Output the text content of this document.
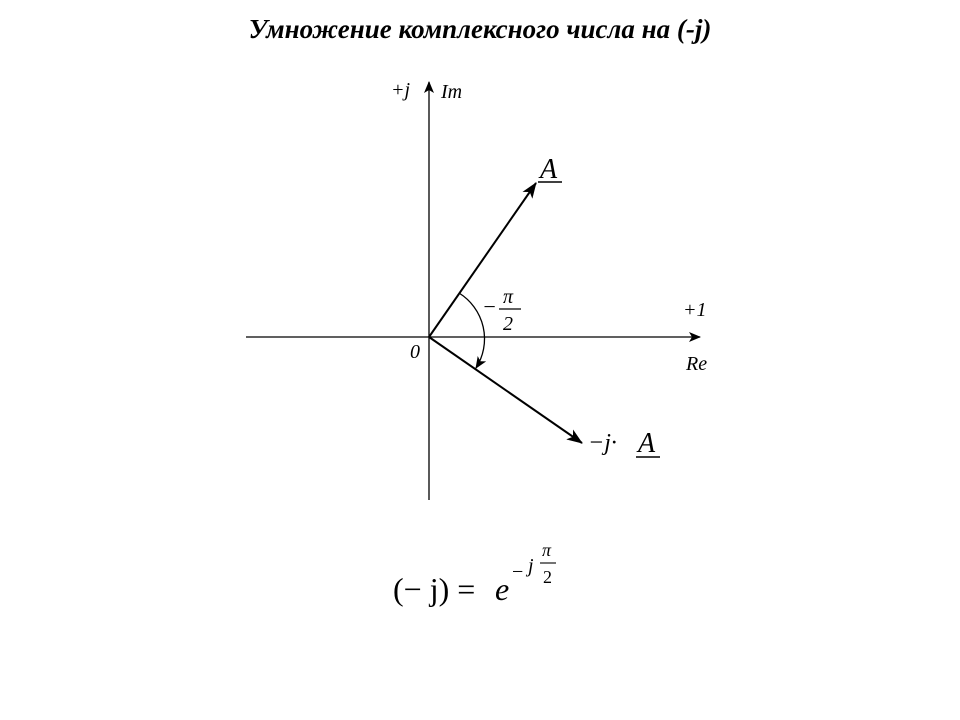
Умножение комплексного числа на (-j)
+j Im
+1
Re
0
A
−j· A
− π
2
(− j) = e − j
π
2
